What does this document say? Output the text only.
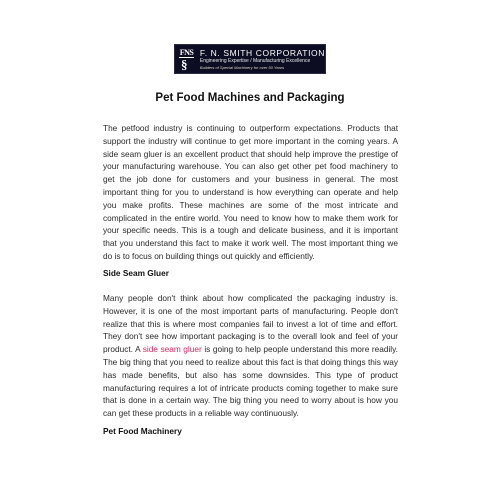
FNS
§
F. N. SMITH CORPORATION
Engineering Expertise / Manufacturing Excellence
Builders of Special Machinery for over 50 Years
Pet Food Machines and Packaging

The petfood industry is continuing to outperform expectations. Products that support the industry will continue to get more important in the coming years. A side seam gluer is an excellent product that should help improve the prestige of your manufacturing warehouse. You can also get other pet food machinery to get the job done for customers and your business in general. The most important thing for you to understand is how everything can operate and help you make profits. These machines are some of the most intricate and complicated in the entire world. You need to know how to make them work for your specific needs. This is a tough and delicate business, and it is important that you understand this fact to make it work well. The most important thing we do is to focus on building things out quickly and efficiently.

Side Seam Gluer

Many people don't think about how complicated the packaging industry is. However, it is one of the most important parts of manufacturing. People don't realize that this is where most companies fail to invest a lot of time and effort. They don't see how important packaging is to the overall look and feel of your product. A side seam gluer is going to help people understand this more readily. The big thing that you need to realize about this fact is that doing things this way has made benefits, but also has some downsides. This type of product manufacturing requires a lot of intricate products coming together to make sure that is done in a certain way. The big thing you need to worry about is how you can get these products in a reliable way continuously.

Pet Food Machinery
